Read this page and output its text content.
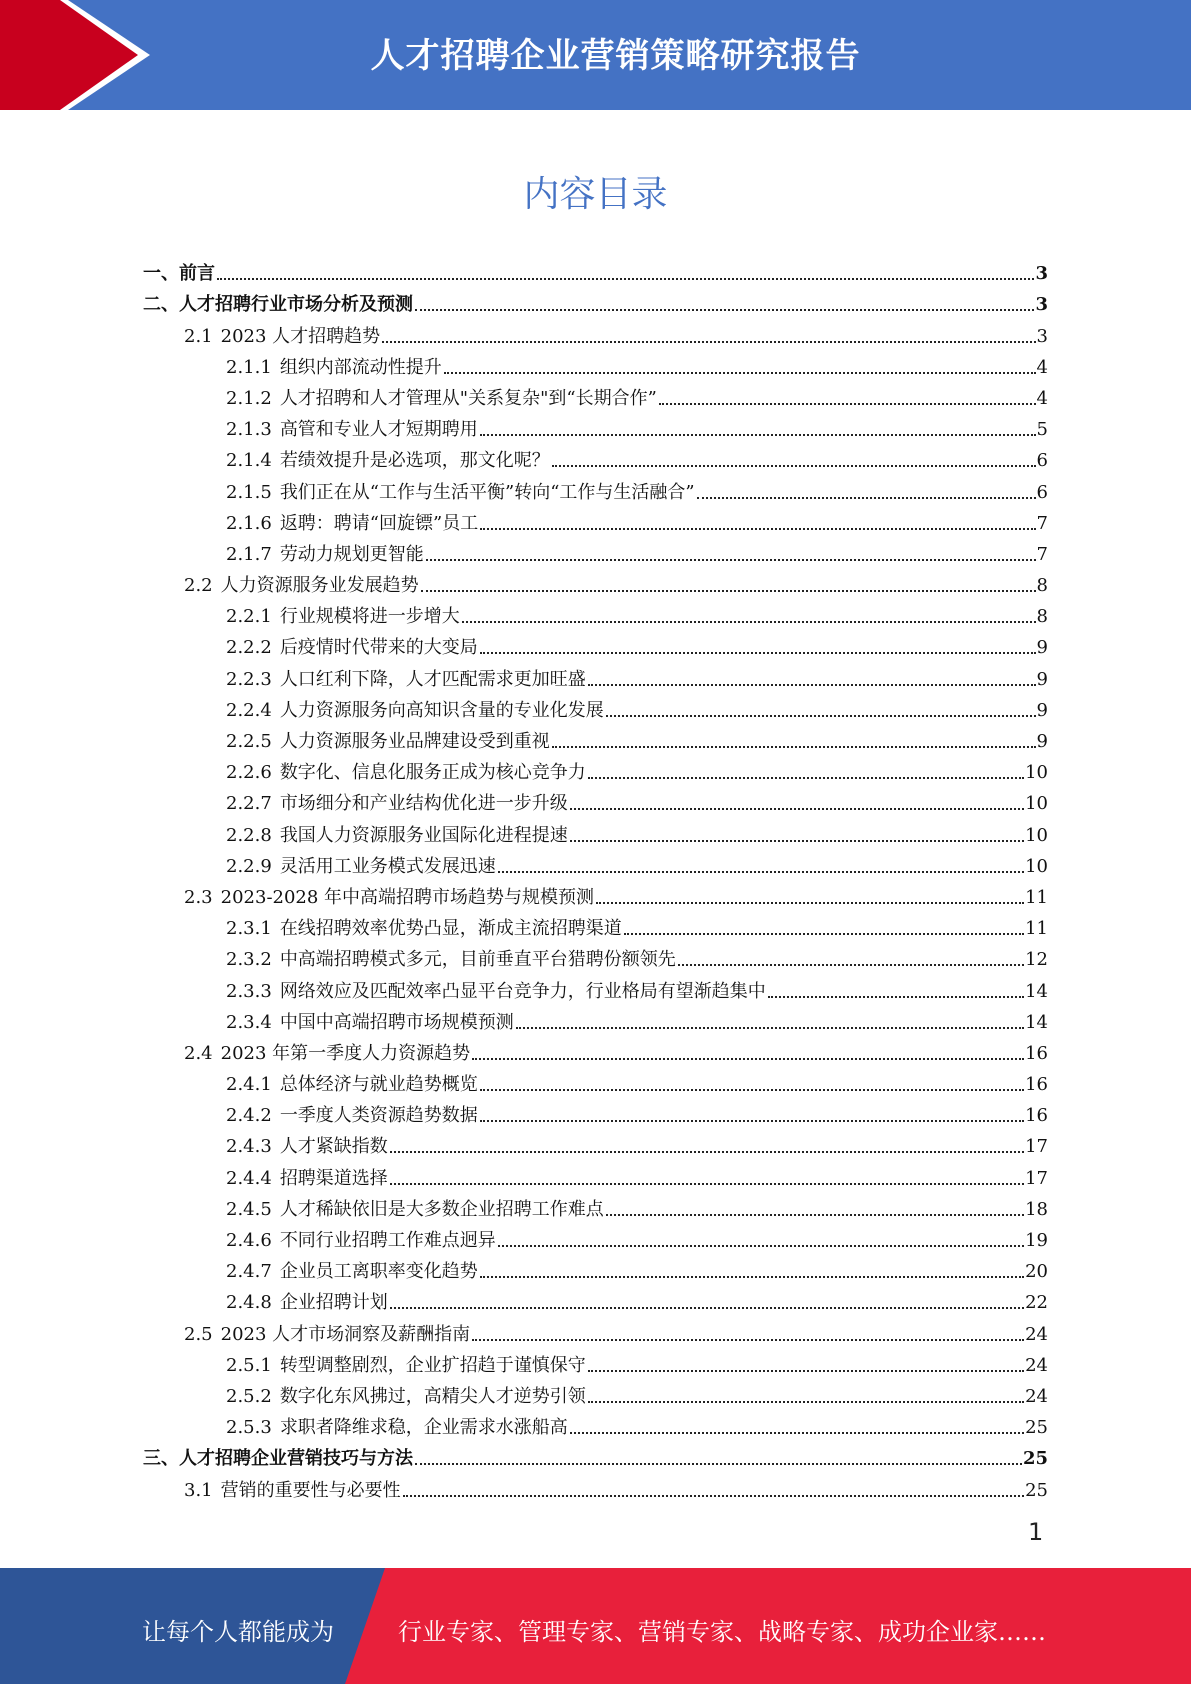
人才招聘企业营销策略研究报告
内容目录
一、前言	3
二、人才招聘行业市场分析及预测	3
2.1 2023 人才招聘趋势	3
2.1.1 组织内部流动性提升	4
2.1.2 人才招聘和人才管理从"关系复杂"到“长期合作”	4
2.1.3 高管和专业人才短期聘用	5
2.1.4 若绩效提升是必选项，那文化呢？	6
2.1.5 我们正在从“工作与生活平衡”转向“工作与生活融合”	6
2.1.6 返聘：聘请“回旋镖”员工	7
2.1.7 劳动力规划更智能	7
2.2 人力资源服务业发展趋势	8
2.2.1 行业规模将进一步增大	8
2.2.2 后疫情时代带来的大变局	9
2.2.3 人口红利下降，人才匹配需求更加旺盛	9
2.2.4 人力资源服务向高知识含量的专业化发展	9
2.2.5 人力资源服务业品牌建设受到重视	9
2.2.6 数字化、信息化服务正成为核心竞争力	10
2.2.7 市场细分和产业结构优化进一步升级	10
2.2.8 我国人力资源服务业国际化进程提速	10
2.2.9 灵活用工业务模式发展迅速	10
2.3 2023-2028 年中高端招聘市场趋势与规模预测	11
2.3.1 在线招聘效率优势凸显，渐成主流招聘渠道	11
2.3.2 中高端招聘模式多元，目前垂直平台猎聘份额领先	12
2.3.3 网络效应及匹配效率凸显平台竞争力，行业格局有望渐趋集中	14
2.3.4 中国中高端招聘市场规模预测	14
2.4 2023 年第一季度人力资源趋势	16
2.4.1 总体经济与就业趋势概览	16
2.4.2 一季度人类资源趋势数据	16
2.4.3 人才紧缺指数	17
2.4.4 招聘渠道选择	17
2.4.5 人才稀缺依旧是大多数企业招聘工作难点	18
2.4.6 不同行业招聘工作难点迥异	19
2.4.7 企业员工离职率变化趋势	20
2.4.8 企业招聘计划	22
2.5 2023 人才市场洞察及薪酬指南	24
2.5.1 转型调整剧烈，企业扩招趋于谨慎保守	24
2.5.2 数字化东风拂过，高精尖人才逆势引领	24
2.5.3 求职者降维求稳，企业需求水涨船高	25
三、人才招聘企业营销技巧与方法	25
3.1 营销的重要性与必要性	25
1
让每个人都能成为	行业专家、管理专家、营销专家、战略专家、成功企业家……
